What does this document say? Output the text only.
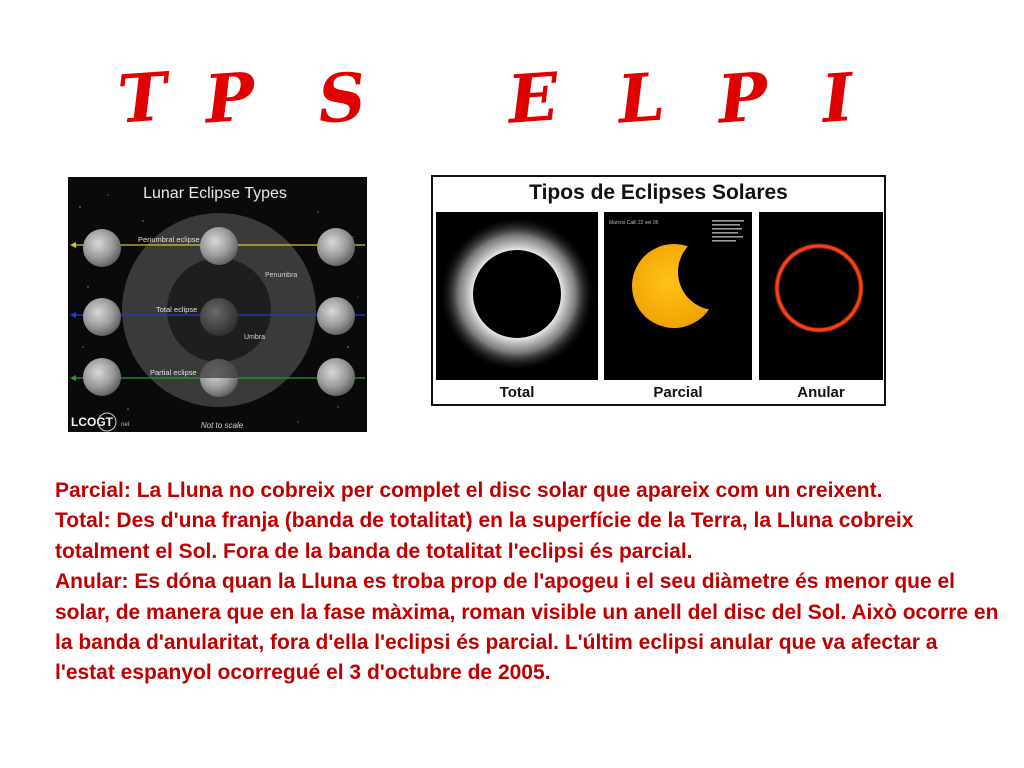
T P S E L P I
Lunar Eclipse Types
Penumbral eclipse
Penumbra
Total eclipse
Umbra
Partial eclipse
Not to scale
LCOGT net
Tipos de Eclipses Solares
Marcos Calli 22 set 06
Total	Parcial	Anular

Parcial: La Lluna no cobreix per complet el disc solar que apareix com un creixent.

Total: Des d'una franja (banda de totalitat) en la superfície de la Terra, la Lluna cobreix totalment el Sol. Fora de la banda de totalitat l'eclipsi és parcial.

Anular: Es dóna quan la Lluna es troba prop de l'apogeu i el seu diàmetre és menor que el solar, de manera que en la fase màxima, roman visible un anell del disc del Sol. Això ocorre en la banda d'anularitat, fora d'ella l'eclipsi és parcial. L'últim eclipsi anular que va afectar a l'estat espanyol ocorregué el 3 d'octubre de 2005.
